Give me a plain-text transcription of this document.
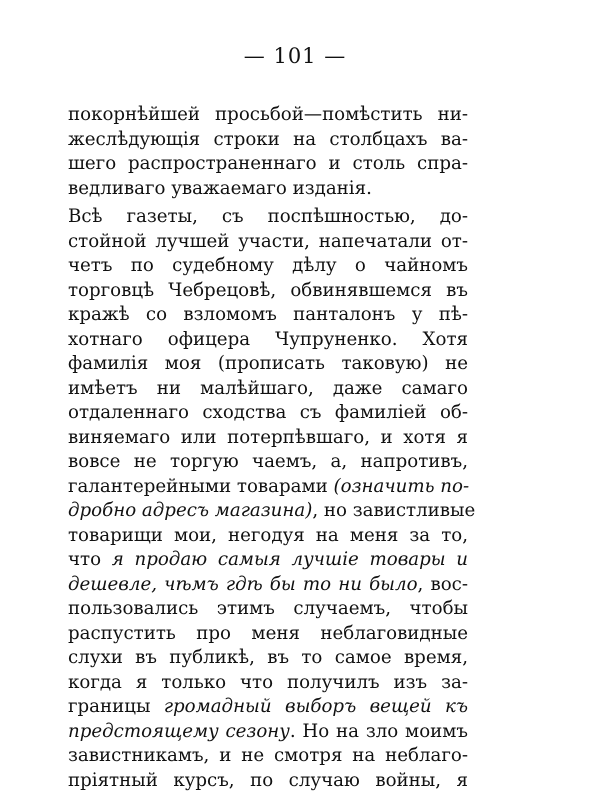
— 101 —
покорнѣйшей просьбой—помѣстить ни-
жеслѣдующія строки на столбцахъ ва-
шего распространеннаго и столь спра-
ведливаго уважаемаго изданія.
Всѣ газеты, съ поспѣшностью, до-
стойной лучшей участи, напечатали от-
четъ по судебному дѣлу о чайномъ
торговцѣ Чебрецовѣ, обвинявшемся въ
кражѣ со взломомъ панталонъ у пѣ-
хотнаго офицера Чупруненко. Хотя
фамилія моя (прописать таковую) не
имѣетъ ни малѣйшаго, даже самаго
отдаленнаго сходства съ фамиліей об-
виняемаго или потерпѣвшаго, и хотя я
вовсе не торгую чаемъ, а, напротивъ,
галантерейными товарами (означить по-
дробно адресъ магазина), но завистливые
товарищи мои, негодуя на меня за то,
что я продаю самыя лучшіе товары и
дешевле, чѣмъ гдѣ бы то ни было, вос-
пользовались этимъ случаемъ, чтобы
распустить про меня неблаговидные
слухи въ публикѣ, въ то самое время,
когда я только что получилъ изъ за-
границы громадный выборъ вещей къ
предстоящему сезону. Но на зло моимъ
завистникамъ, и не смотря на неблаго-
пріятный курсъ, по случаю войны, я
